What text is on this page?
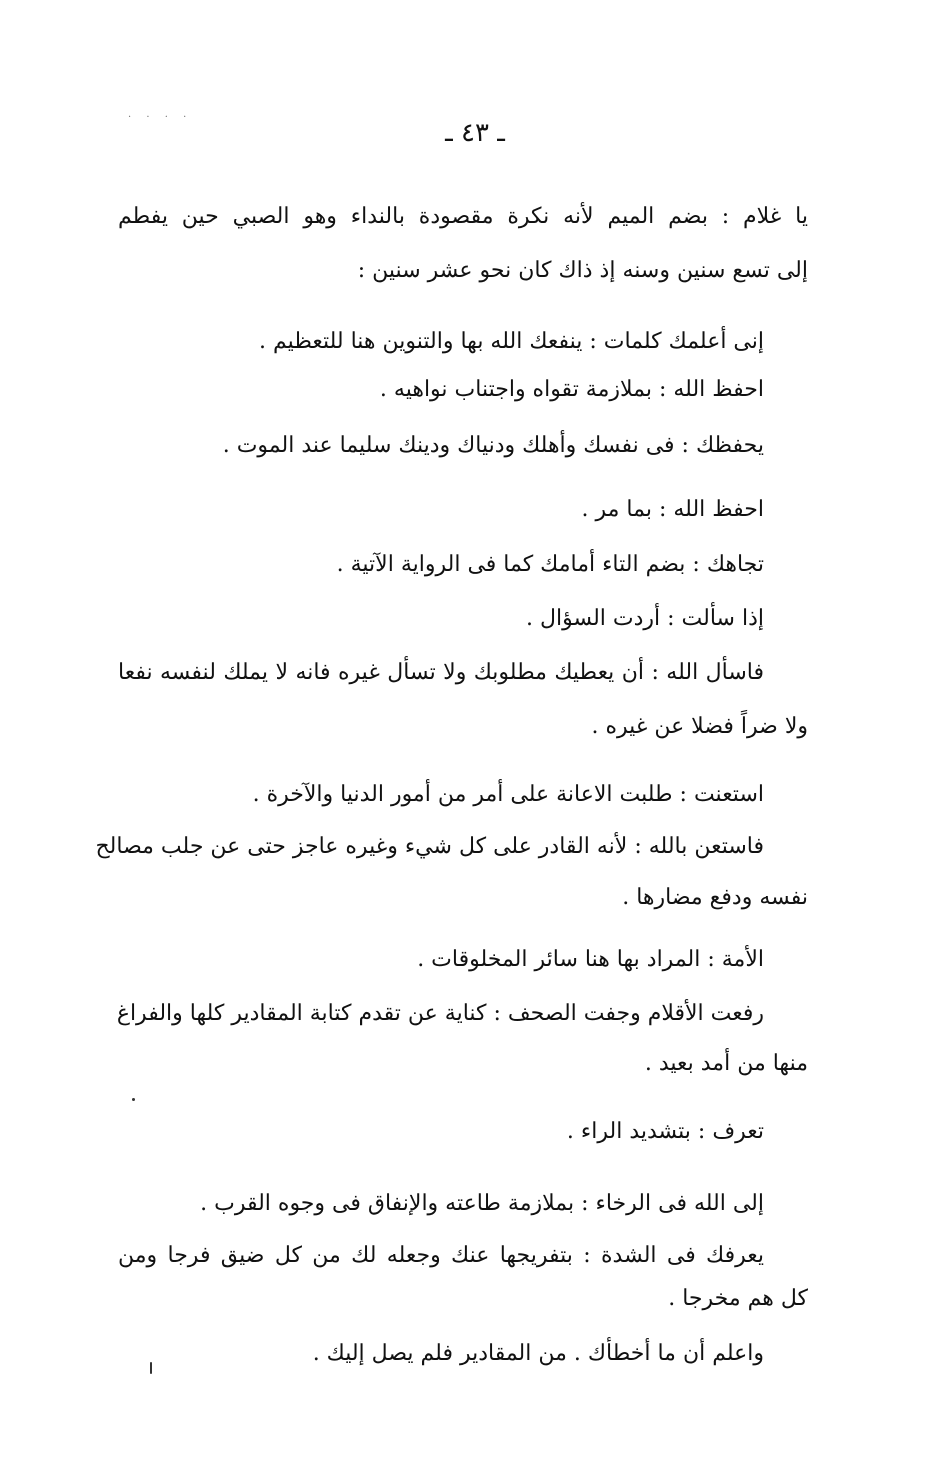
· · · ·
ـ ٤٣ ـ
يا غلام : بضم الميم لأنه نكرة مقصودة بالنداء وهو الصبي حين يفطم
إلى تسع سنين وسنه إذ ذاك كان نحو عشر سنين :
إنى أعلمك كلمات : ينفعك الله بها والتنوين هنا للتعظيم .
احفظ الله : بملازمة تقواه واجتناب نواهيه .
يحفظك : فى نفسك وأهلك ودنياك ودينك سليما عند الموت .
احفظ الله : بما مر .
تجاهك : بضم التاء أمامك كما فى الرواية الآتية .
إذا سألت : أردت السؤال .
فاسأل الله : أن يعطيك مطلوبك ولا تسأل غيره فانه لا يملك لنفسه نفعا
ولا ضراً فضلا عن غيره .
استعنت : طلبت الاعانة على أمر من أمور الدنيا والآخرة .
فاستعن بالله : لأنه القادر على كل شيء وغيره عاجز حتى عن جلب مصالح
نفسه ودفع مضارها .
الأمة : المراد بها هنا سائر المخلوقات .
رفعت الأقلام وجفت الصحف : كناية عن تقدم كتابة المقادير كلها والفراغ
منها من أمد بعيد .
تعرف : بتشديد الراء .
إلى الله فى الرخاء : بملازمة طاعته والإنفاق فى وجوه القرب .
يعرفك فى الشدة : بتفريجها عنك وجعله لك من كل ضيق فرجا ومن
كل هم مخرجا .
واعلم أن ما أخطأك . من المقادير فلم يصل إليك .
